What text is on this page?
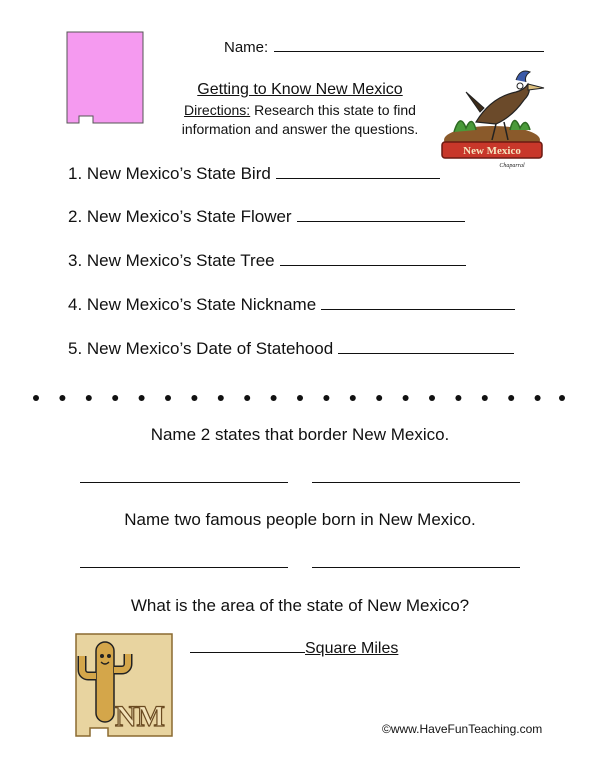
Name:
Getting to Know New Mexico
Directions: Research this state to find information and answer the questions.
New Mexico
Chaparral
1. New Mexico’s State Bird
2. New Mexico’s State Flower
3. New Mexico’s State Tree
4. New Mexico’s State Nickname
5. New Mexico’s Date of Statehood
Name 2 states that border New Mexico.
Name two famous people born in New Mexico.
What is the area of the state of New Mexico?
Square Miles
NM	©www.HaveFunTeaching.com
